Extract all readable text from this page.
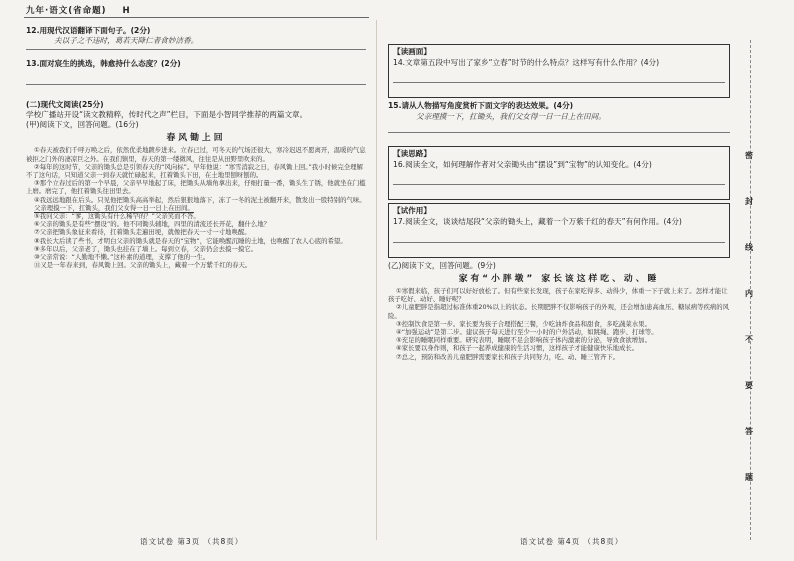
九年·语文(省命题) H

12.用现代汉语翻译下面句子。(2分)

夫以子之不违时，葛若天降仁者食妙洁香。

13.面对宸生的挑选，韩愈持什么态度？(2分)

(二)现代文阅读(25分)

学校广播站开设“读文教精粹，传时代之声”栏目，下面是小智同学推荐的两篇文章。

(甲)阅读下文，回答问题。(16分)

春风锄上回

①春天被我们千呼万唤之后，依然优柔地踱步进来。立春已过，可冬天的气场还很大，寒冷迟迟不愿离开，温暖的气息被拒之门外的凄凉巨之外。在我们镇里，春天的第一缕微风，往往是从田野里吹来的。

②每年的这时节，父亲的锄头总是引领春天的“风向标”。早年他说：“寒雪消寂之日，春风锄上回。”我小时候完全理解不了这句话，只知道父亲一到春天就忙碌起来，扛着锄头下田，在土地里刨呀刨的。

③那个立春过后的第一个早晨，父亲早早地起了床，把锄头从墙角拿出来，仔细打量一番，锄头生了锈，他就坐在门槛上磨。磨完了，他扛着锄头往田里去。

④我远远地跟在后头。只见他把锄头高高举起，然后狠狠地落下，冻了一冬的泥土被翻开来，散发出一股特别的气味。

父亲理摸一下，扛锄头，我们父女得一日一日上在田间。

⑤我问父亲：“爹，这锄头有什么稀罕的？”父亲笑而不答。

⑥父亲的锄头是有些“摆设”的。他不同锄头辅地，四里的清流还长开花，翻什么地？

⑦父亲把锄头象征来看待，扛着锄头走遍田埂，就像把春天一寸一寸地唤醒。

⑧我长大后读了些书，才明白父亲的锄头就是春天的“宝物”，它能唤醒沉睡的土地，也唤醒了农人心底的希望。

⑨多年以后，父亲老了，锄头也挂在了墙上。每到立春，父亲仍会去摸一摸它。

⑩父亲常说：“人勤地不懒。”这朴素的道理，支撑了他的一生。

⑪又是一年春来到，春风锄上回。父亲的锄头上，藏着一个万紫千红的春天。

【读画面】

14.文章第五段中写出了家乡“立春”时节的什么特点？这样写有什么作用？(4分)

15.请从人物描写角度赏析下面文字的表达效果。(4分)

父亲理摸一下，扛锄头，我们父女得一日一日上在田间。

【读思路】

16.阅读全文，如何理解作者对父亲锄头由“摆设”到“宝物”的认知变化。(4分)

【试作用】

17.阅读全文，谈谈结尾段“父亲的锄头上，藏着一个万紫千红的春天”有何作用。(4分)

(乙)阅读下文，回答问题。(9分)

家有“小胖墩” 家长该这样吃、动、睡

①寒假来临，孩子们可以好好放松了。但有些家长发现，孩子在家吃得多、动得少，体重一下子就上来了。怎样才能让孩子吃好、动好、睡好呢？

②儿童肥胖是指超过标准体重20%以上的状态。长期肥胖不仅影响孩子的外观，还会增加患高血压、糖尿病等疾病的风险。

③控制饮食是第一步。家长要为孩子合理搭配三餐，少吃油炸食品和甜食，多吃蔬菜水果。

④“加强运动”是第二步。建议孩子每天进行至少一小时的户外活动，如跳绳、跑步、打球等。

⑤充足的睡眠同样重要。研究表明，睡眠不足会影响孩子体内激素的分泌，导致食欲增加。

⑥家长要以身作则，和孩子一起养成健康的生活习惯，这样孩子才能健康快乐地成长。

⑦总之，预防和改善儿童肥胖需要家长和孩子共同努力，吃、动、睡三管齐下。

语文试卷 第3页 （共8页）	语文试卷 第4页 （共8页）
密
封
线
内
不
要
答
题
